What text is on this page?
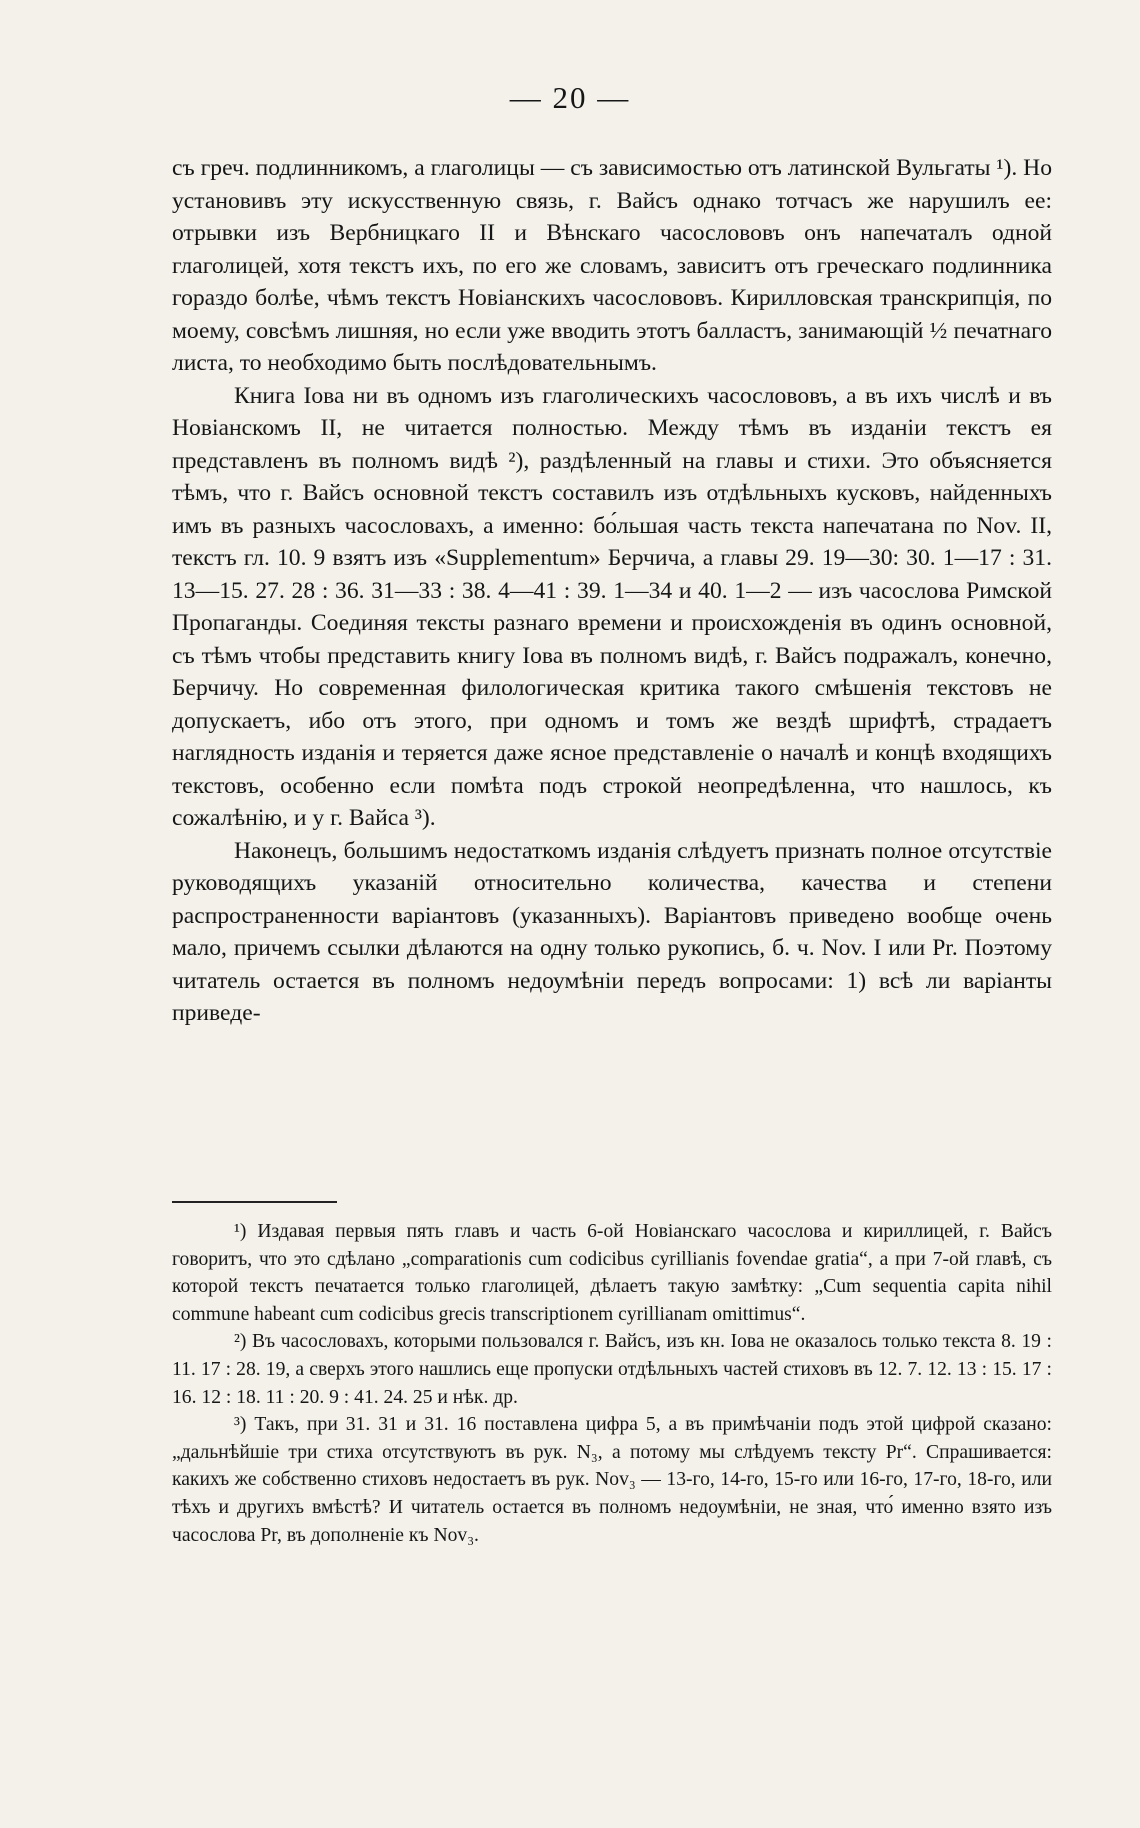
— 20 —

съ греч. подлинникомъ, а глаголицы — съ зависимостью отъ латинской Вульгаты ¹). Но установивъ эту искусственную связь, г. Вайсъ однако тотчасъ же нарушилъ ее: отрывки изъ Вербницкаго II и Вѣнскаго часослововъ онъ напечаталъ одной глаголицей, хотя текстъ ихъ, по его же словамъ, зависитъ отъ греческаго подлинника гораздо болѣе, чѣмъ текстъ Новіанскихъ часослововъ. Кирилловская транскрипція, по моему, совсѣмъ лишняя, но если уже вводить этотъ балластъ, занимающій ½ печатнаго листа, то необходимо быть послѣдовательнымъ.

Книга Іова ни въ одномъ изъ глаголическихъ часослововъ, а въ ихъ числѣ и въ Новіанскомъ II, не читается полностью. Между тѣмъ въ изданіи текстъ ея представленъ въ полномъ видѣ ²), раздѣленный на главы и стихи. Это объясняется тѣмъ, что г. Вайсъ основной текстъ составилъ изъ отдѣльныхъ кусковъ, найденныхъ имъ въ разныхъ часословахъ, а именно: бо́льшая часть текста напечатана по Nov. II, текстъ гл. 10. 9 взятъ изъ «Supplementum» Берчича, а главы 29. 19—30: 30. 1—17 : 31. 13—15. 27. 28 : 36. 31—33 : 38. 4—41 : 39. 1—34 и 40. 1—2 — изъ часослова Римской Пропаганды. Соединяя тексты разнаго времени и происхожденія въ одинъ основной, съ тѣмъ чтобы представить книгу Іова въ полномъ видѣ, г. Вайсъ подражалъ, конечно, Берчичу. Но современная филологическая критика такого смѣшенія текстовъ не допускаетъ, ибо отъ этого, при одномъ и томъ же вездѣ шрифтѣ, страдаетъ наглядность изданія и теряется даже ясное представленіе о началѣ и концѣ входящихъ текстовъ, особенно если помѣта подъ строкой неопредѣленна, что нашлось, къ сожалѣнію, и у г. Вайса ³).

Наконецъ, большимъ недостаткомъ изданія слѣдуетъ признать полное отсутствіе руководящихъ указаній относительно количества, качества и степени распространенности варіантовъ (указанныхъ). Варіантовъ приведено вообще очень мало, причемъ ссылки дѣлаются на одну только рукопись, б. ч. Nov. I или Pr. Поэтому читатель остается въ полномъ недоумѣніи передъ вопросами: 1) всѣ ли варіанты приведе-

¹) Издавая первыя пять главъ и часть 6-ой Новіанскаго часослова и кириллицей, г. Вайсъ говоритъ, что это сдѣлано „comparationis cum codicibus cyrillianis fovendae gratia“, а при 7-ой главѣ, съ которой текстъ печатается только глаголицей, дѣлаетъ такую замѣтку: „Cum sequentia capita nihil commune habeant cum codicibus grecis transcriptionem cyrillianam omittimus“.

²) Въ часословахъ, которыми пользовался г. Вайсъ, изъ кн. Іова не оказалось только текста 8. 19 : 11. 17 : 28. 19, а сверхъ этого нашлись еще пропуски отдѣльныхъ частей стиховъ въ 12. 7. 12. 13 : 15. 17 : 16. 12 : 18. 11 : 20. 9 : 41. 24. 25 и нѣк. др.

³) Такъ, при 31. 31 и 31. 16 поставлена цифра 5, а въ примѣчаніи подъ этой цифрой сказано: „дальнѣйшіе три стиха отсутствуютъ въ рук. N₃, а потому мы слѣдуемъ тексту Pr“. Спрашивается: какихъ же собственно стиховъ недостаетъ въ рук. Nov₃ — 13-го, 14-го, 15-го или 16-го, 17-го, 18-го, или тѣхъ и другихъ вмѣстѣ? И читатель остается въ полномъ недоумѣніи, не зная, что́ именно взято изъ часослова Pr, въ дополненіе къ Nov₃.
